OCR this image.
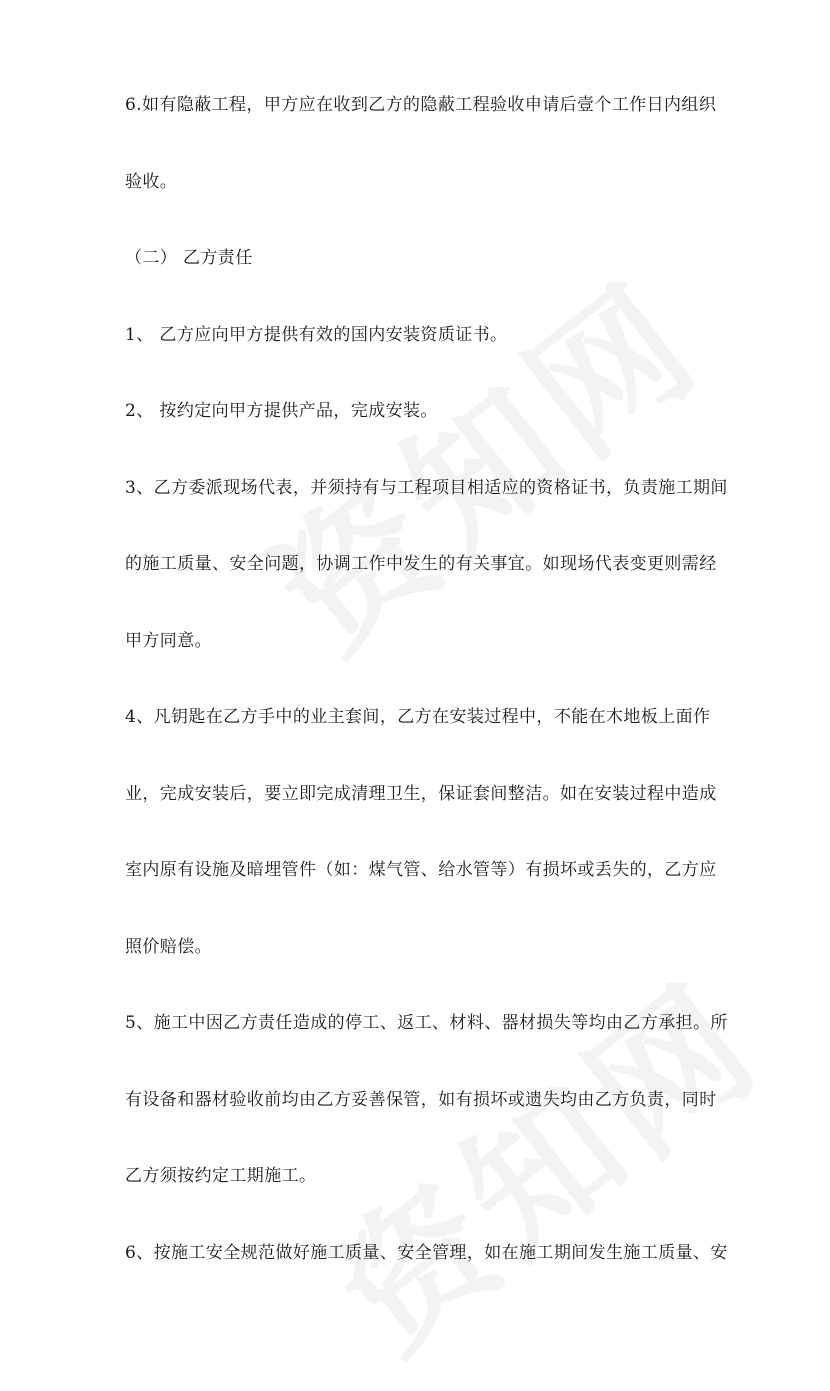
6.如有隐蔽工程，甲方应在收到乙方的隐蔽工程验收申请后壹个工作日内组织
验收。
（二） 乙方责任
1、 乙方应向甲方提供有效的国内安装资质证书。
2、 按约定向甲方提供产品，完成安装。
3、乙方委派现场代表，并须持有与工程项目相适应的资格证书，负责施工期间
的施工质量、安全问题，协调工作中发生的有关事宜。如现场代表变更则需经
甲方同意。
4、凡钥匙在乙方手中的业主套间，乙方在安装过程中，不能在木地板上面作
业，完成安装后，要立即完成清理卫生，保证套间整洁。如在安装过程中造成
室内原有设施及暗埋管件（如：煤气管、给水管等）有损坏或丢失的，乙方应
照价赔偿。
5、施工中因乙方责任造成的停工、返工、材料、器材损失等均由乙方承担。所
有设备和器材验收前均由乙方妥善保管，如有损坏或遗失均由乙方负责，同时
乙方须按约定工期施工。
6、按施工安全规范做好施工质量、安全管理，如在施工期间发生施工质量、安
